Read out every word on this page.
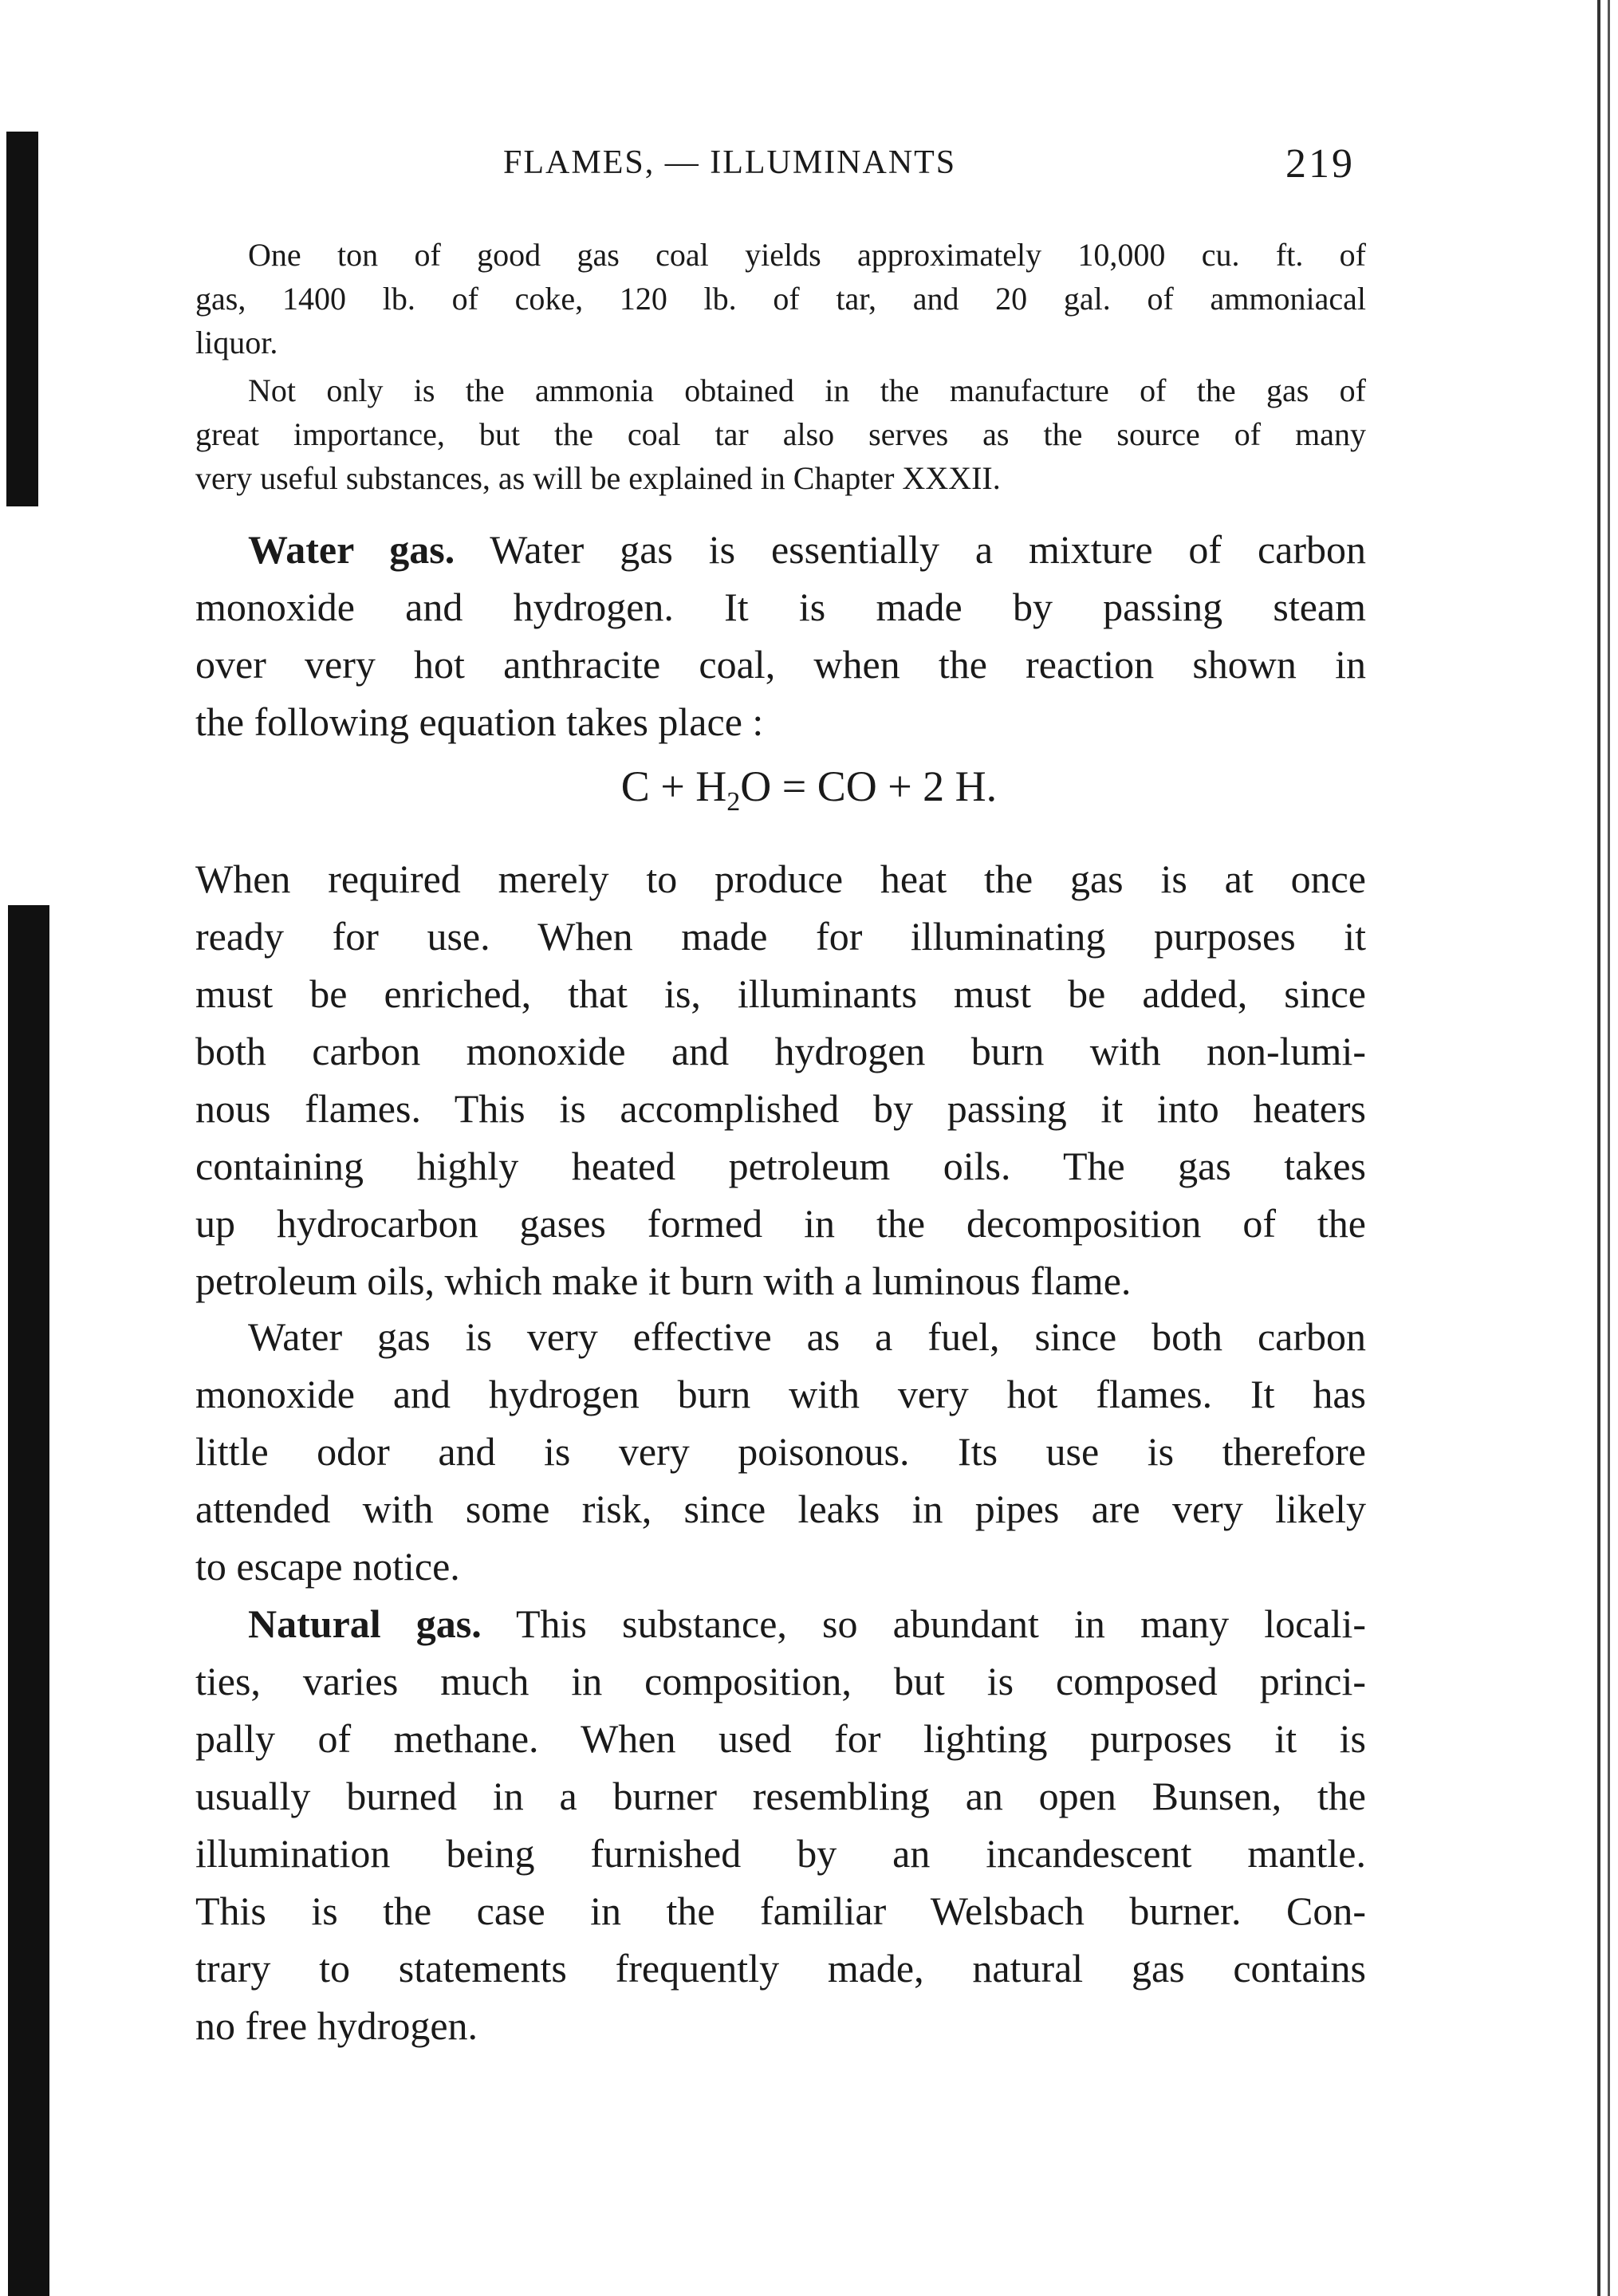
FLAMES, — ILLUMINANTS	219
One ton of good gas coal yields approximately 10,000 cu. ft. of
gas, 1400 lb. of coke, 120 lb. of tar, and 20 gal. of ammoniacal
liquor.
Not only is the ammonia obtained in the manufacture of the gas of
great importance, but the coal tar also serves as the source of many
very useful substances, as will be explained in Chapter XXXII.
Water gas. Water gas is essentially a mixture of carbon
monoxide and hydrogen. It is made by passing steam
over very hot anthracite coal, when the reaction shown in
the following equation takes place :
$C + H_2O$ = CO + 2 H.
When required merely to produce heat the gas is at once
ready for use. When made for illuminating purposes it
must be enriched, that is, illuminants must be added, since
both carbon monoxide and hydrogen burn with non-lumi-
nous flames. This is accomplished by passing it into heaters
containing highly heated petroleum oils. The gas takes
up hydrocarbon gases formed in the decomposition of the
petroleum oils, which make it burn with a luminous flame.
Water gas is very effective as a fuel, since both carbon
monoxide and hydrogen burn with very hot flames. It has
little odor and is very poisonous. Its use is therefore
attended with some risk, since leaks in pipes are very likely
to escape notice.
Natural gas. This substance, so abundant in many locali-
ties, varies much in composition, but is composed princi-
pally of methane. When used for lighting purposes it is
usually burned in a burner resembling an open Bunsen, the
illumination being furnished by an incandescent mantle.
This is the case in the familiar Welsbach burner. Con-
trary to statements frequently made, natural gas contains
no free hydrogen.
